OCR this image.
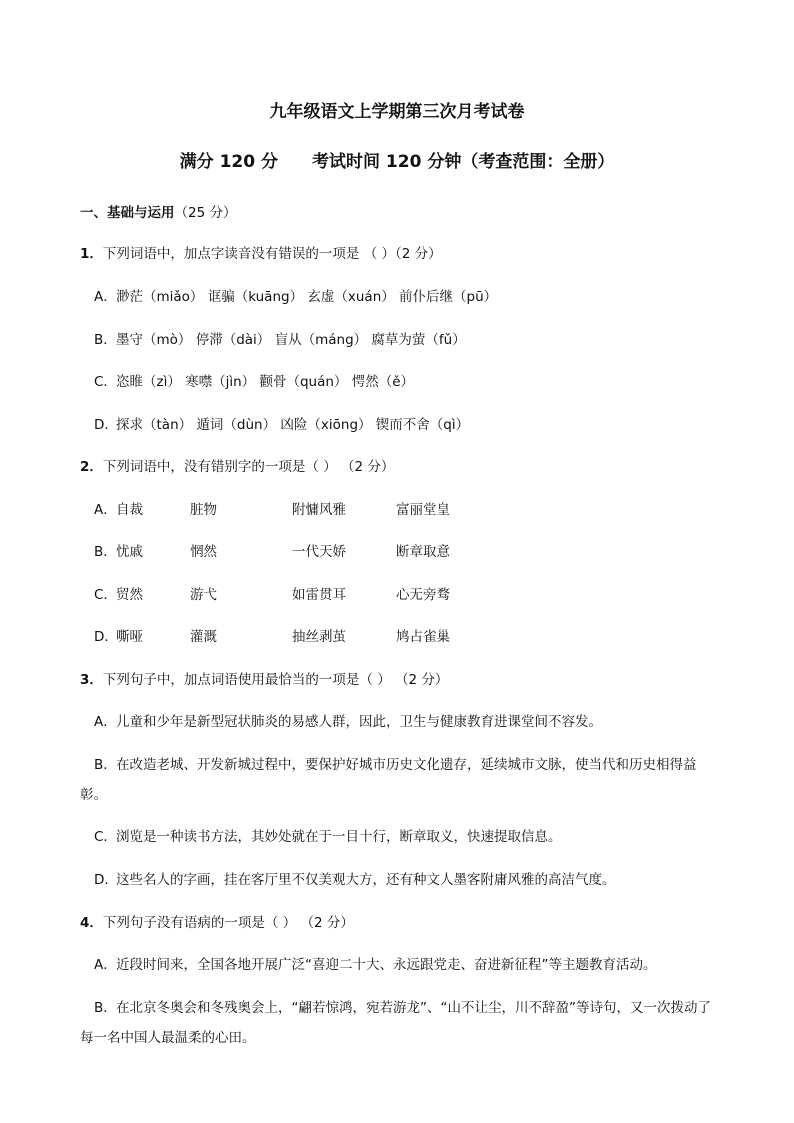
九年级语文上学期第三次月考试卷
满分 120 分 考试时间 120 分钟（考查范围：全册）
一、基础与运用（25 分）
1．下列词语中，加点字读音没有错误的一项是 （ ）（2 分）
A．渺茫（miǎo） 诓骗（kuāng） 玄虚（xuán） 前仆后继（pū）
B．墨守（mò） 停滞（dài） 盲从（máng） 腐草为萤（fǔ）
C．恣睢（zì） 寒噤（jìn） 颧骨（quán） 愕然（ě）
D．探求（tàn） 遁词（dùn） 凶险（xiōng） 锲而不舍（qì）
2．下列词语中，没有错别字的一项是（ ） （2 分）
A．自裁	脏物	附慵风雅	富丽堂皇
B．忧戚	惘然	一代天娇	断章取意
C．贸然	游弋	如雷贯耳	心无旁骛
D．嘶哑	灌溉	抽丝剥茧	鸠占雀巢
3．下列句子中，加点词语使用最恰当的一项是（ ） （2 分）
A．儿童和少年是新型冠状肺炎的易感人群，因此，卫生与健康教育进课堂间不容发。
B．在改造老城、开发新城过程中，要保护好城市历史文化遗存，延续城市文脉，使当代和历史相得益彰。
C．浏览是一种读书方法，其妙处就在于一目十行，断章取义，快速提取信息。
D．这些名人的字画，挂在客厅里不仅美观大方，还有种文人墨客附庸风雅的高洁气度。
4．下列句子没有语病的一项是（ ） （2 分）
A．近段时间来，全国各地开展广泛“喜迎二十大、永远跟党走、奋进新征程”等主题教育活动。
B．在北京冬奥会和冬残奥会上，“翩若惊鸿，宛若游龙”、“山不让尘，川不辞盈”等诗句，又一次拨动了每一名中国人最温柔的心田。
